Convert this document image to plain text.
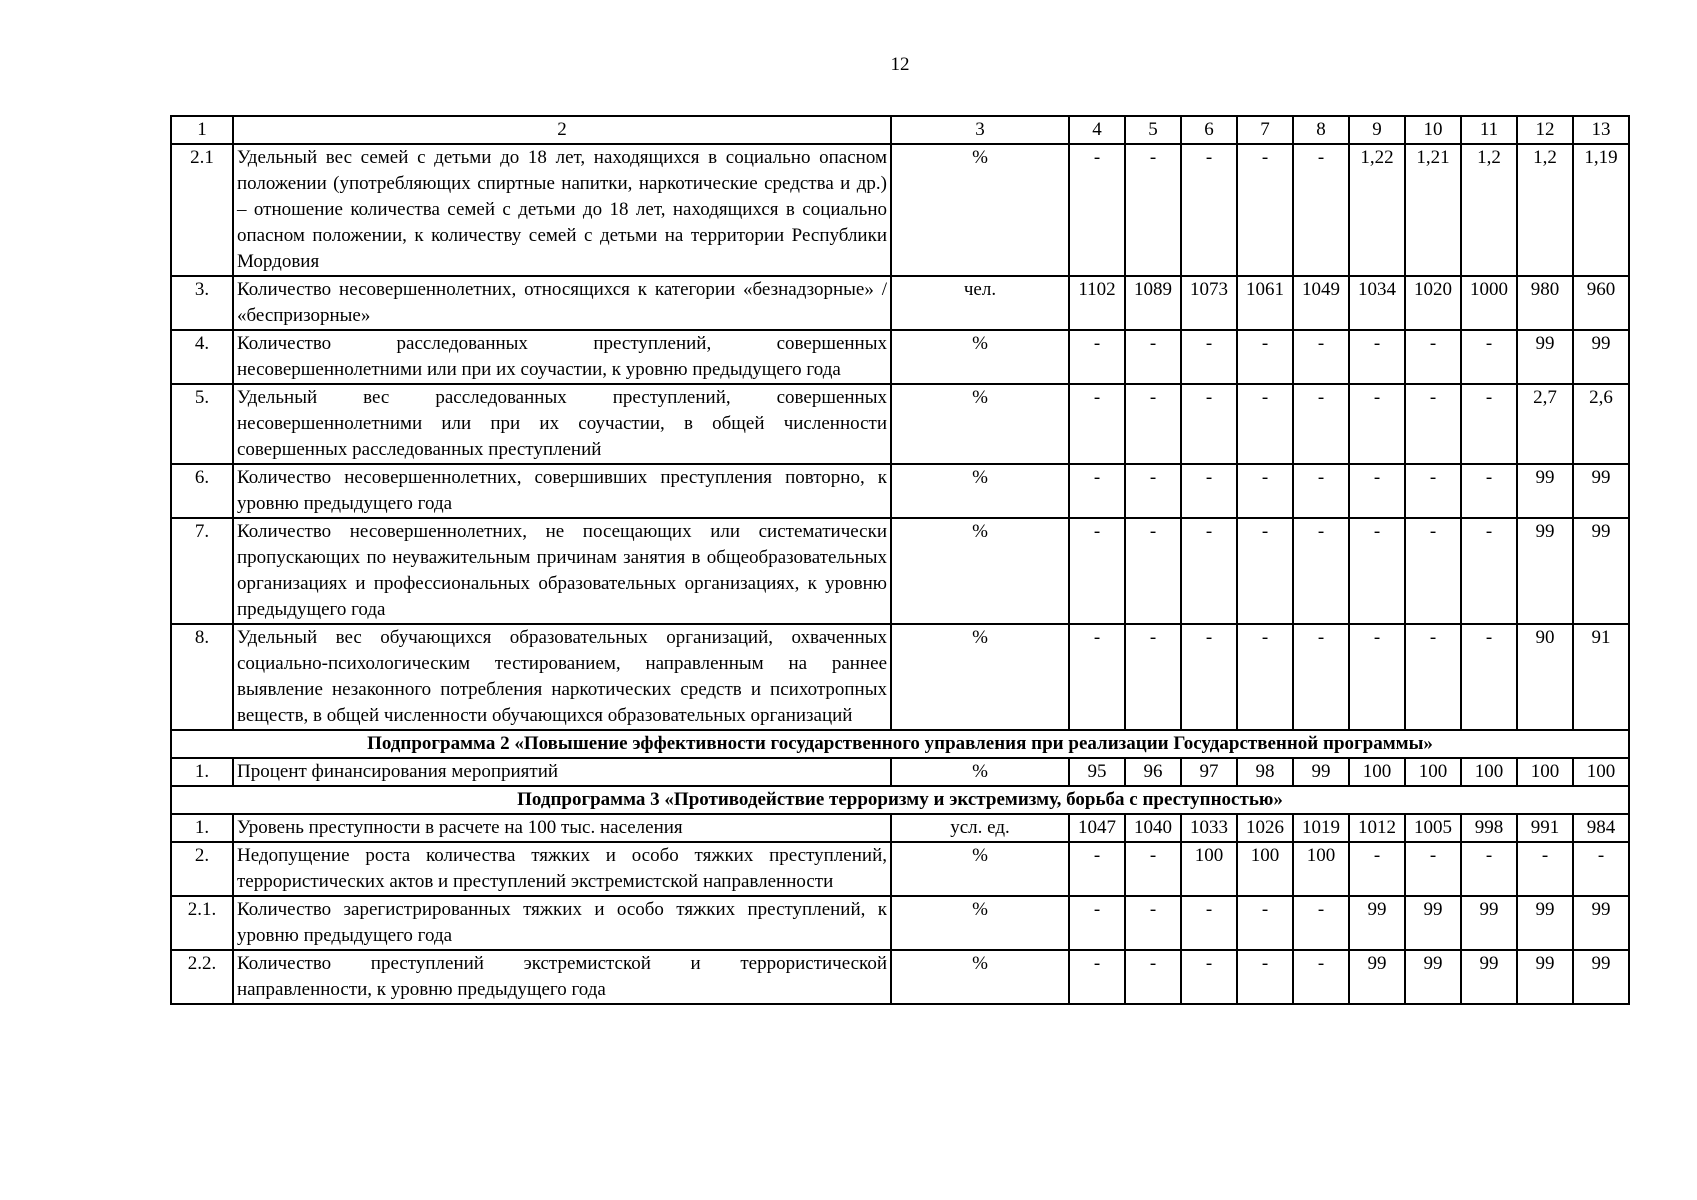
12
1	2	3	4	5	6	7	8	9	10	11	12	13
2.1	Удельный вес семей с детьми до 18 лет, находящихся в социально опасном положении (употребляющих спиртные напитки, наркотические средства и др.) – отношение количества семей с детьми до 18 лет, находящихся в социально опасном положении, к количеству семей с детьми на территории Республики Мордовия	%	-	-	-	-	-	1,22	1,21	1,2	1,2	1,19
3.	Количество несовершеннолетних, относящихся к категории «безнадзорные» / «беспризорные»	чел.	1102	1089	1073	1061	1049	1034	1020	1000	980	960
4.	Количество расследованных преступлений, совершенных несовершеннолетними или при их соучастии, к уровню предыдущего года	%	-	-	-	-	-	-	-	-	99	99
5.	Удельный вес расследованных преступлений, совершенных несовершеннолетними или при их соучастии, в общей численности совершенных расследованных преступлений	%	-	-	-	-	-	-	-	-	2,7	2,6
6.	Количество несовершеннолетних, совершивших преступления повторно, к уровню предыдущего года	%	-	-	-	-	-	-	-	-	99	99
7.	Количество несовершеннолетних, не посещающих или систематически пропускающих по неуважительным причинам занятия в общеобразовательных организациях и профессиональных образовательных организациях, к уровню предыдущего года	%	-	-	-	-	-	-	-	-	99	99
8.	Удельный вес обучающихся образовательных организаций, охваченных социально-психологическим тестированием, направленным на раннее выявление незаконного потребления наркотических средств и психотропных веществ, в общей численности обучающихся образовательных организаций	%	-	-	-	-	-	-	-	-	90	91
Подпрограмма 2 «Повышение эффективности государственного управления при реализации Государственной программы»												
1.	Процент финансирования мероприятий	%	95	96	97	98	99	100	100	100	100	100
Подпрограмма 3 «Противодействие терроризму и экстремизму, борьба с преступностью»												
1.	Уровень преступности в расчете на 100 тыс. населения	усл. ед.	1047	1040	1033	1026	1019	1012	1005	998	991	984
2.	Недопущение роста количества тяжких и особо тяжких преступлений, террористических актов и преступлений экстремистской направленности	%	-	-	100	100	100	-	-	-	-	-
2.1.	Количество зарегистрированных тяжких и особо тяжких преступлений, к уровню предыдущего года	%	-	-	-	-	-	99	99	99	99	99
2.2.	Количество преступлений экстремистской и террористической направленности, к уровню предыдущего года	%	-	-	-	-	-	99	99	99	99	99
